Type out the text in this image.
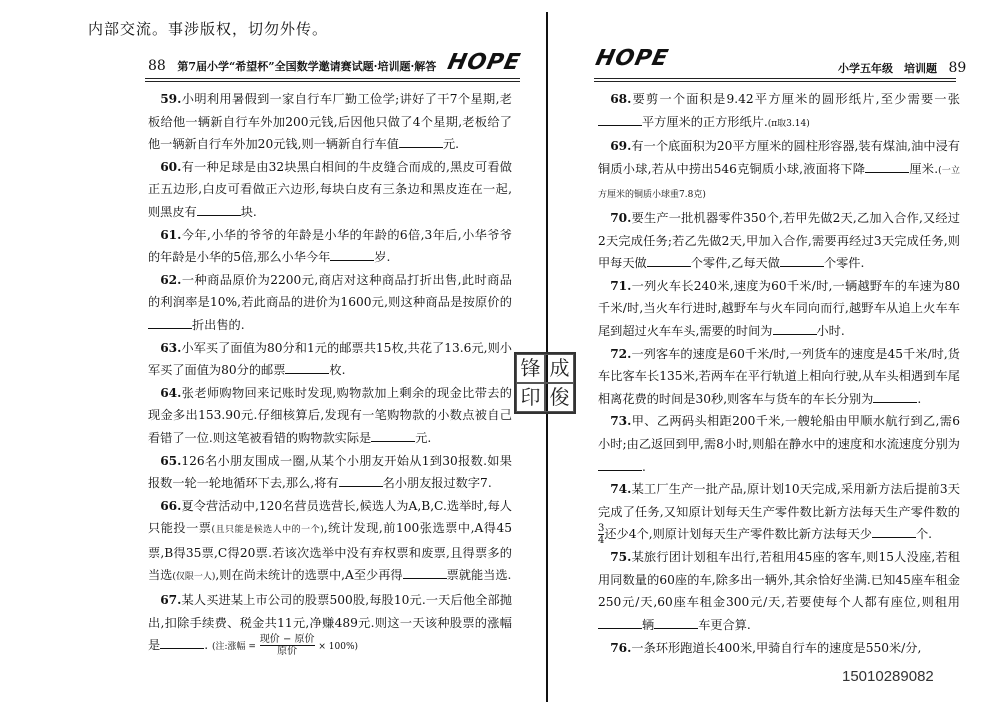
内部交流。事涉版权，切勿外传。
88 第7届小学“希望杯”全国数学邀请赛试题·培训题·解答 HOPE	HOPE	小学五年级　培训题 89
锋 成
印 俊

 59.小明利用暑假到一家自行车厂勤工俭学;讲好了干7个星期,老板给他一辆新自行车外加200元钱,后因他只做了4个星期,老板给了他一辆新自行车外加20元钱,则一辆新自行车值	元.

 60.有一种足球是由32块黑白相间的牛皮缝合而成的,黑皮可看做正五边形,白皮可看做正六边形,每块白皮有三条边和黑皮连在一起,则黑皮有	块.

 61.今年,小华的爷爷的年龄是小华的年龄的6倍,3年后,小华爷爷的年龄是小华的5倍,那么小华今年	岁.

 62.一种商品原价为2200元,商店对这种商品打折出售,此时商品的利润率是10%,若此商品的进价为1600元,则这种商品是按原价的折出售的.

 63.小军买了面值为80分和1元的邮票共15枚,共花了13.6元,则小军买了面值为80分的邮票	枚.

 64.张老师购物回来记账时发现,购物款加上剩余的现金比带去的现金多出153.90元.仔细核算后,发现有一笔购物款的小数点被自己看错了一位.则这笔被看错的购物款实际是	元.

 65.126名小朋友围成一圈,从某个小朋友开始从1到30报数.如果报数一轮一轮地循环下去,那么,将有	名小朋友报过数字7.

 66.夏令营活动中,120名营员选营长,候选人为A,B,C.选举时,每人只能投一票(且只能是候选人中的一个),统计发现,前100张选票中,A得45票,B得35票,C得20票.若该次选举中没有弃权票和废票,且得票多的当选(仅限一人),则在尚未统计的选票中,A至少再得	票就能当选.

 67.某人买进某上市公司的股票500股,每股10元.一天后他全部抛出,扣除手续费、税金共11元,净赚489元.则这一天该种股票的涨幅是	. (注:涨幅 = $\frac{\text{现价 − 原价}}{\text{原价}} \times 100\%$)

 68.要剪一个面积是9.42平方厘米的圆形纸片,至少需要一张平方厘米的正方形纸片.(π取3.14)

 69.有一个底面积为20平方厘米的圆柱形容器,装有煤油,油中浸有铜质小球,若从中捞出546克铜质小球,液面将下降	厘米.(一立方厘米的铜质小球重7.8克)

 70.要生产一批机器零件350个,若甲先做2天,乙加入合作,又经过2天完成任务;若乙先做2天,甲加入合作,需要再经过3天完成任务,则甲每天做	个零件,乙每天做	个零件.

 71.一列火车长240米,速度为60千米/时,一辆越野车的车速为80千米/时,当火车行进时,越野车与火车同向而行,越野车从追上火车车尾到超过火车车头,需要的时间为	小时.

 72.一列客车的速度是60千米/时,一列货车的速度是45千米/时,货车比客车长135米,若两车在平行轨道上相向行驶,从车头相遇到车尾相离花费的时间是30秒,则客车与货车的车长分别为	.

 73.甲、乙两码头相距200千米,一艘轮船由甲顺水航行到乙,需6小时;由乙返回到甲,需8小时,则船在静水中的速度和水流速度分别为.

 74.某工厂生产一批产品,原计划10天完成,采用新方法后提前3天完成了任务,又知原计划每天生产零件数比新方法每天生产零件数的
$\frac{3}{4}$ 还少4个,则原计划每天生产零件数比新方法每天少	个.

 75.某旅行团计划租车出行,若租用45座的客车,则15人没座,若租用同数量的60座的车,除多出一辆外,其余恰好坐满.已知45座车租金250元/天,60座车租金300元/天,若要使每个人都有座位,则租用辆	车更合算.

 76.一条环形跑道长400米,甲骑自行车的速度是550米/分,

15010289082
